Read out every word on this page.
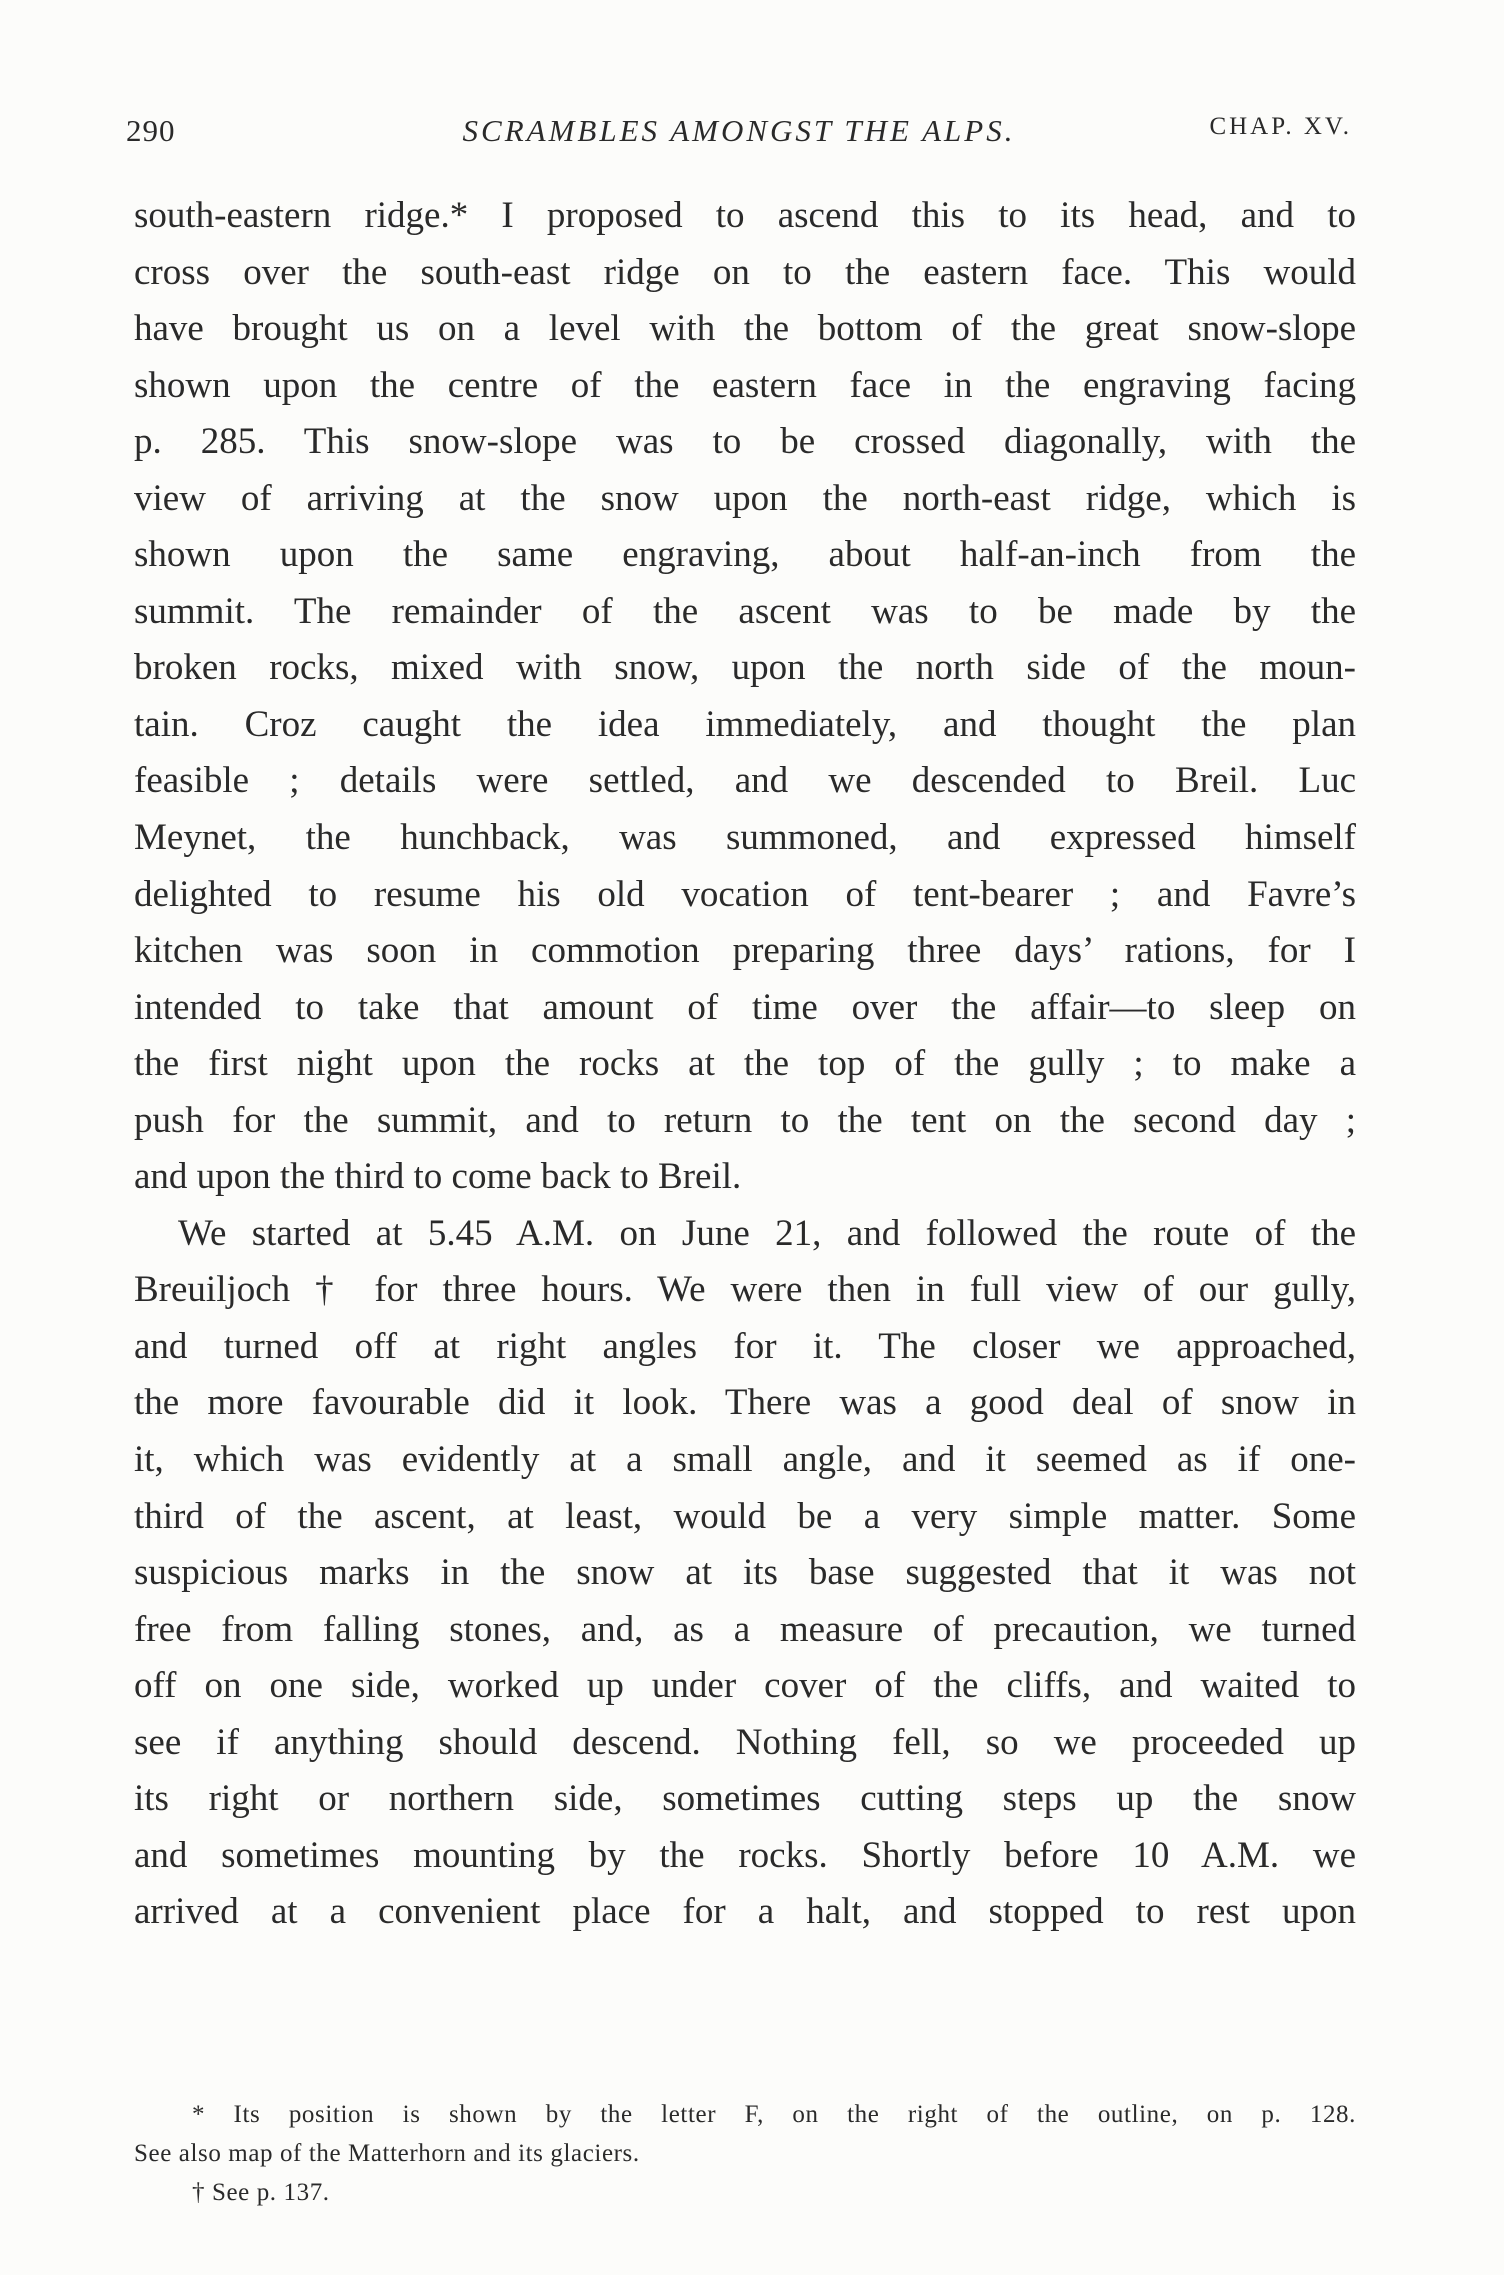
290	SCRAMBLES AMONGST THE ALPS.	CHAP. XV.
south-eastern ridge.* I proposed to ascend this to its head, and to
cross over the south-east ridge on to the eastern face. This would
have brought us on a level with the bottom of the great snow-slope
shown upon the centre of the eastern face in the engraving facing
p. 285. This snow-slope was to be crossed diagonally, with the
view of arriving at the snow upon the north-east ridge, which is
shown upon the same engraving, about half-an-inch from the
summit. The remainder of the ascent was to be made by the
broken rocks, mixed with snow, upon the north side of the moun-
tain. Croz caught the idea immediately, and thought the plan
feasible ; details were settled, and we descended to Breil. Luc
Meynet, the hunchback, was summoned, and expressed himself
delighted to resume his old vocation of tent-bearer ; and Favre’s
kitchen was soon in commotion preparing three days’ rations, for I
intended to take that amount of time over the affair—to sleep on
the first night upon the rocks at the top of the gully ; to make a
push for the summit, and to return to the tent on the second day ;
and upon the third to come back to Breil.
We started at 5.45 A.M. on June 21, and followed the route of the
Breuiljoch † for three hours. We were then in full view of our gully,
and turned off at right angles for it. The closer we approached,
the more favourable did it look. There was a good deal of snow in
it, which was evidently at a small angle, and it seemed as if one-
third of the ascent, at least, would be a very simple matter. Some
suspicious marks in the snow at its base suggested that it was not
free from falling stones, and, as a measure of precaution, we turned
off on one side, worked up under cover of the cliffs, and waited to
see if anything should descend. Nothing fell, so we proceeded up
its right or northern side, sometimes cutting steps up the snow
and sometimes mounting by the rocks. Shortly before 10 A.M. we
arrived at a convenient place for a halt, and stopped to rest upon
* Its position is shown by the letter F, on the right of the outline, on p. 128.
See also map of the Matterhorn and its glaciers.
† See p. 137.
